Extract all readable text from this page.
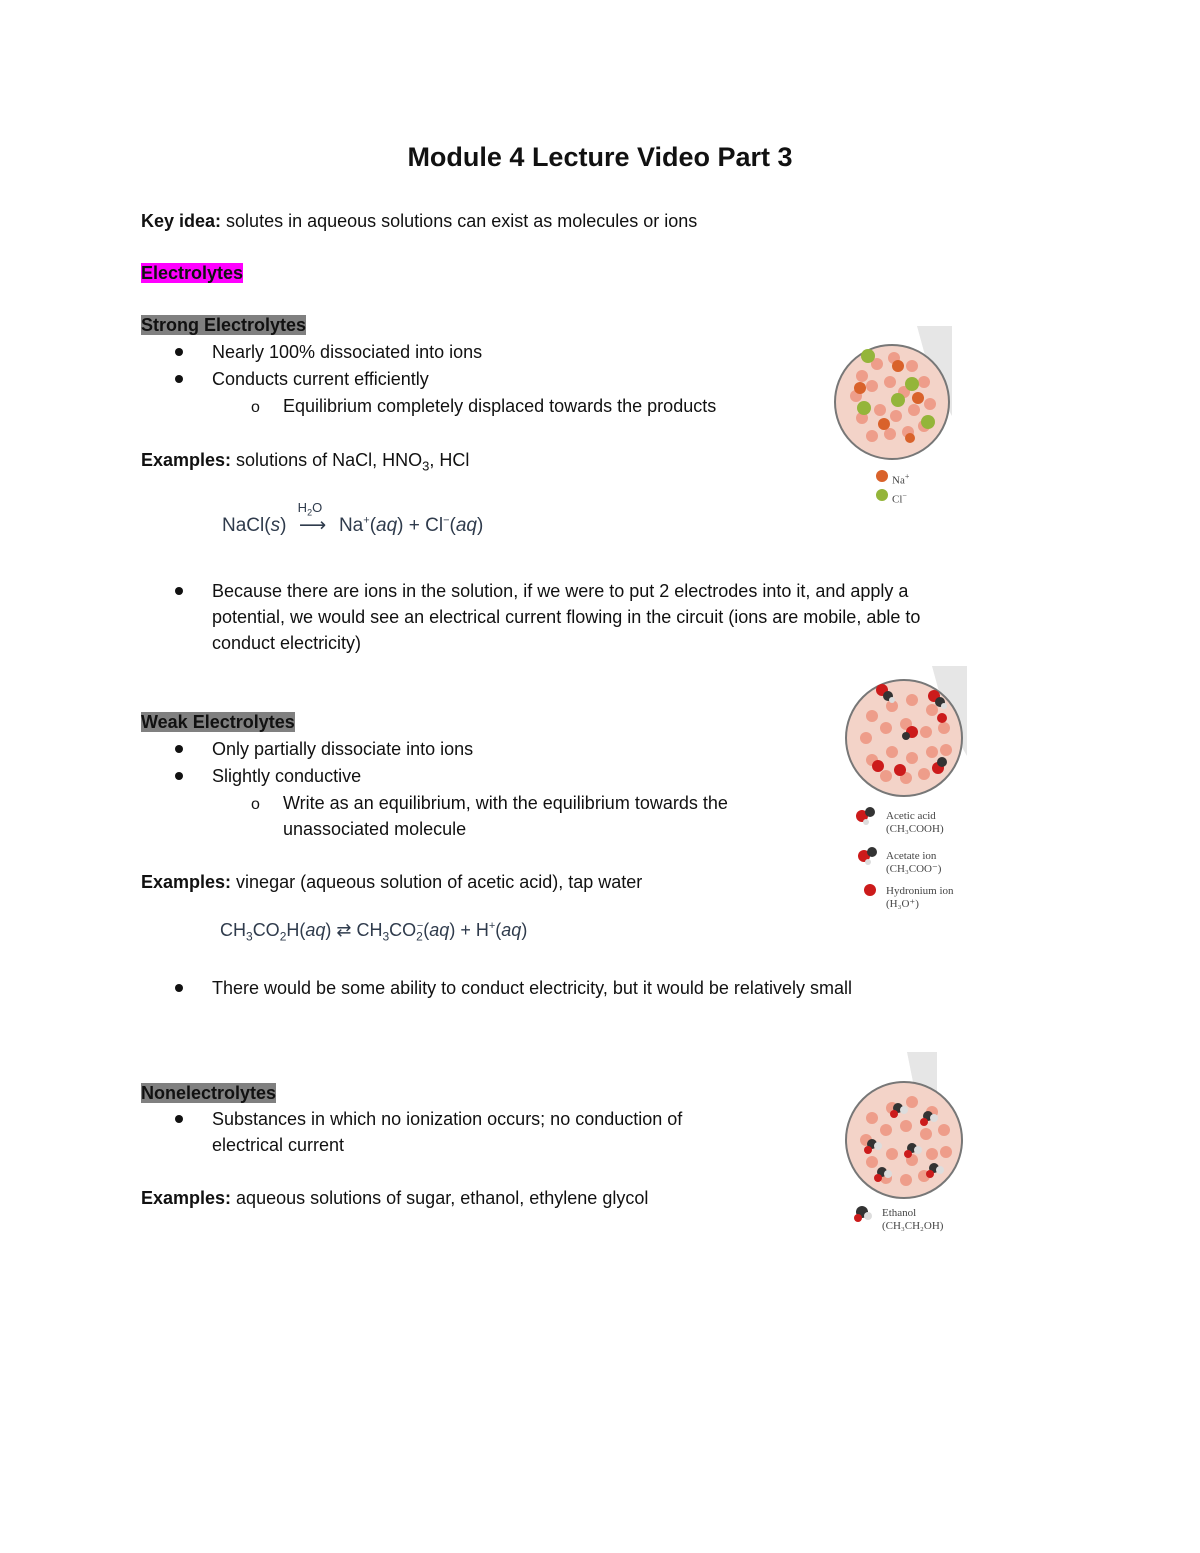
Module 4 Lecture Video Part 3
Key idea: solutes in aqueous solutions can exist as molecules or ions
Electrolytes
Strong Electrolytes
Nearly 100% dissociated into ions
Conducts current efficiently
o Equilibrium completely displaced towards the products
Examples: solutions of NaCl, $HNO_3$, HCl
NaCl(s)
$H_2O$
⟶ Na+(aq) + Cl−(aq)
Because there are ions in the solution, if we were to put 2 electrodes into it, and apply a
potential, we would see an electrical current flowing in the circuit (ions are mobile, able to
conduct electricity)
Na+
Cl−
Weak Electrolytes
Only partially dissociate into ions
Slightly conductive
o Write as an equilibrium, with the equilibrium towards the
unassociated molecule
Examples: vinegar (aqueous solution of acetic acid), tap water
$CH_3CO_2H(aq)$ ⇄ $CH_3CO_2^-(aq) + H^+(aq)$
There would be some ability to conduct electricity, but it would be relatively small
Acetic acid
(CH₃COOH)
Acetate ion
(CH₃COO⁻)
Hydronium ion
(H₃O⁺)
Nonelectrolytes
Substances in which no ionization occurs; no conduction of
electrical current
Examples: aqueous solutions of sugar, ethanol, ethylene glycol
Ethanol
(CH₃CH₂OH)
